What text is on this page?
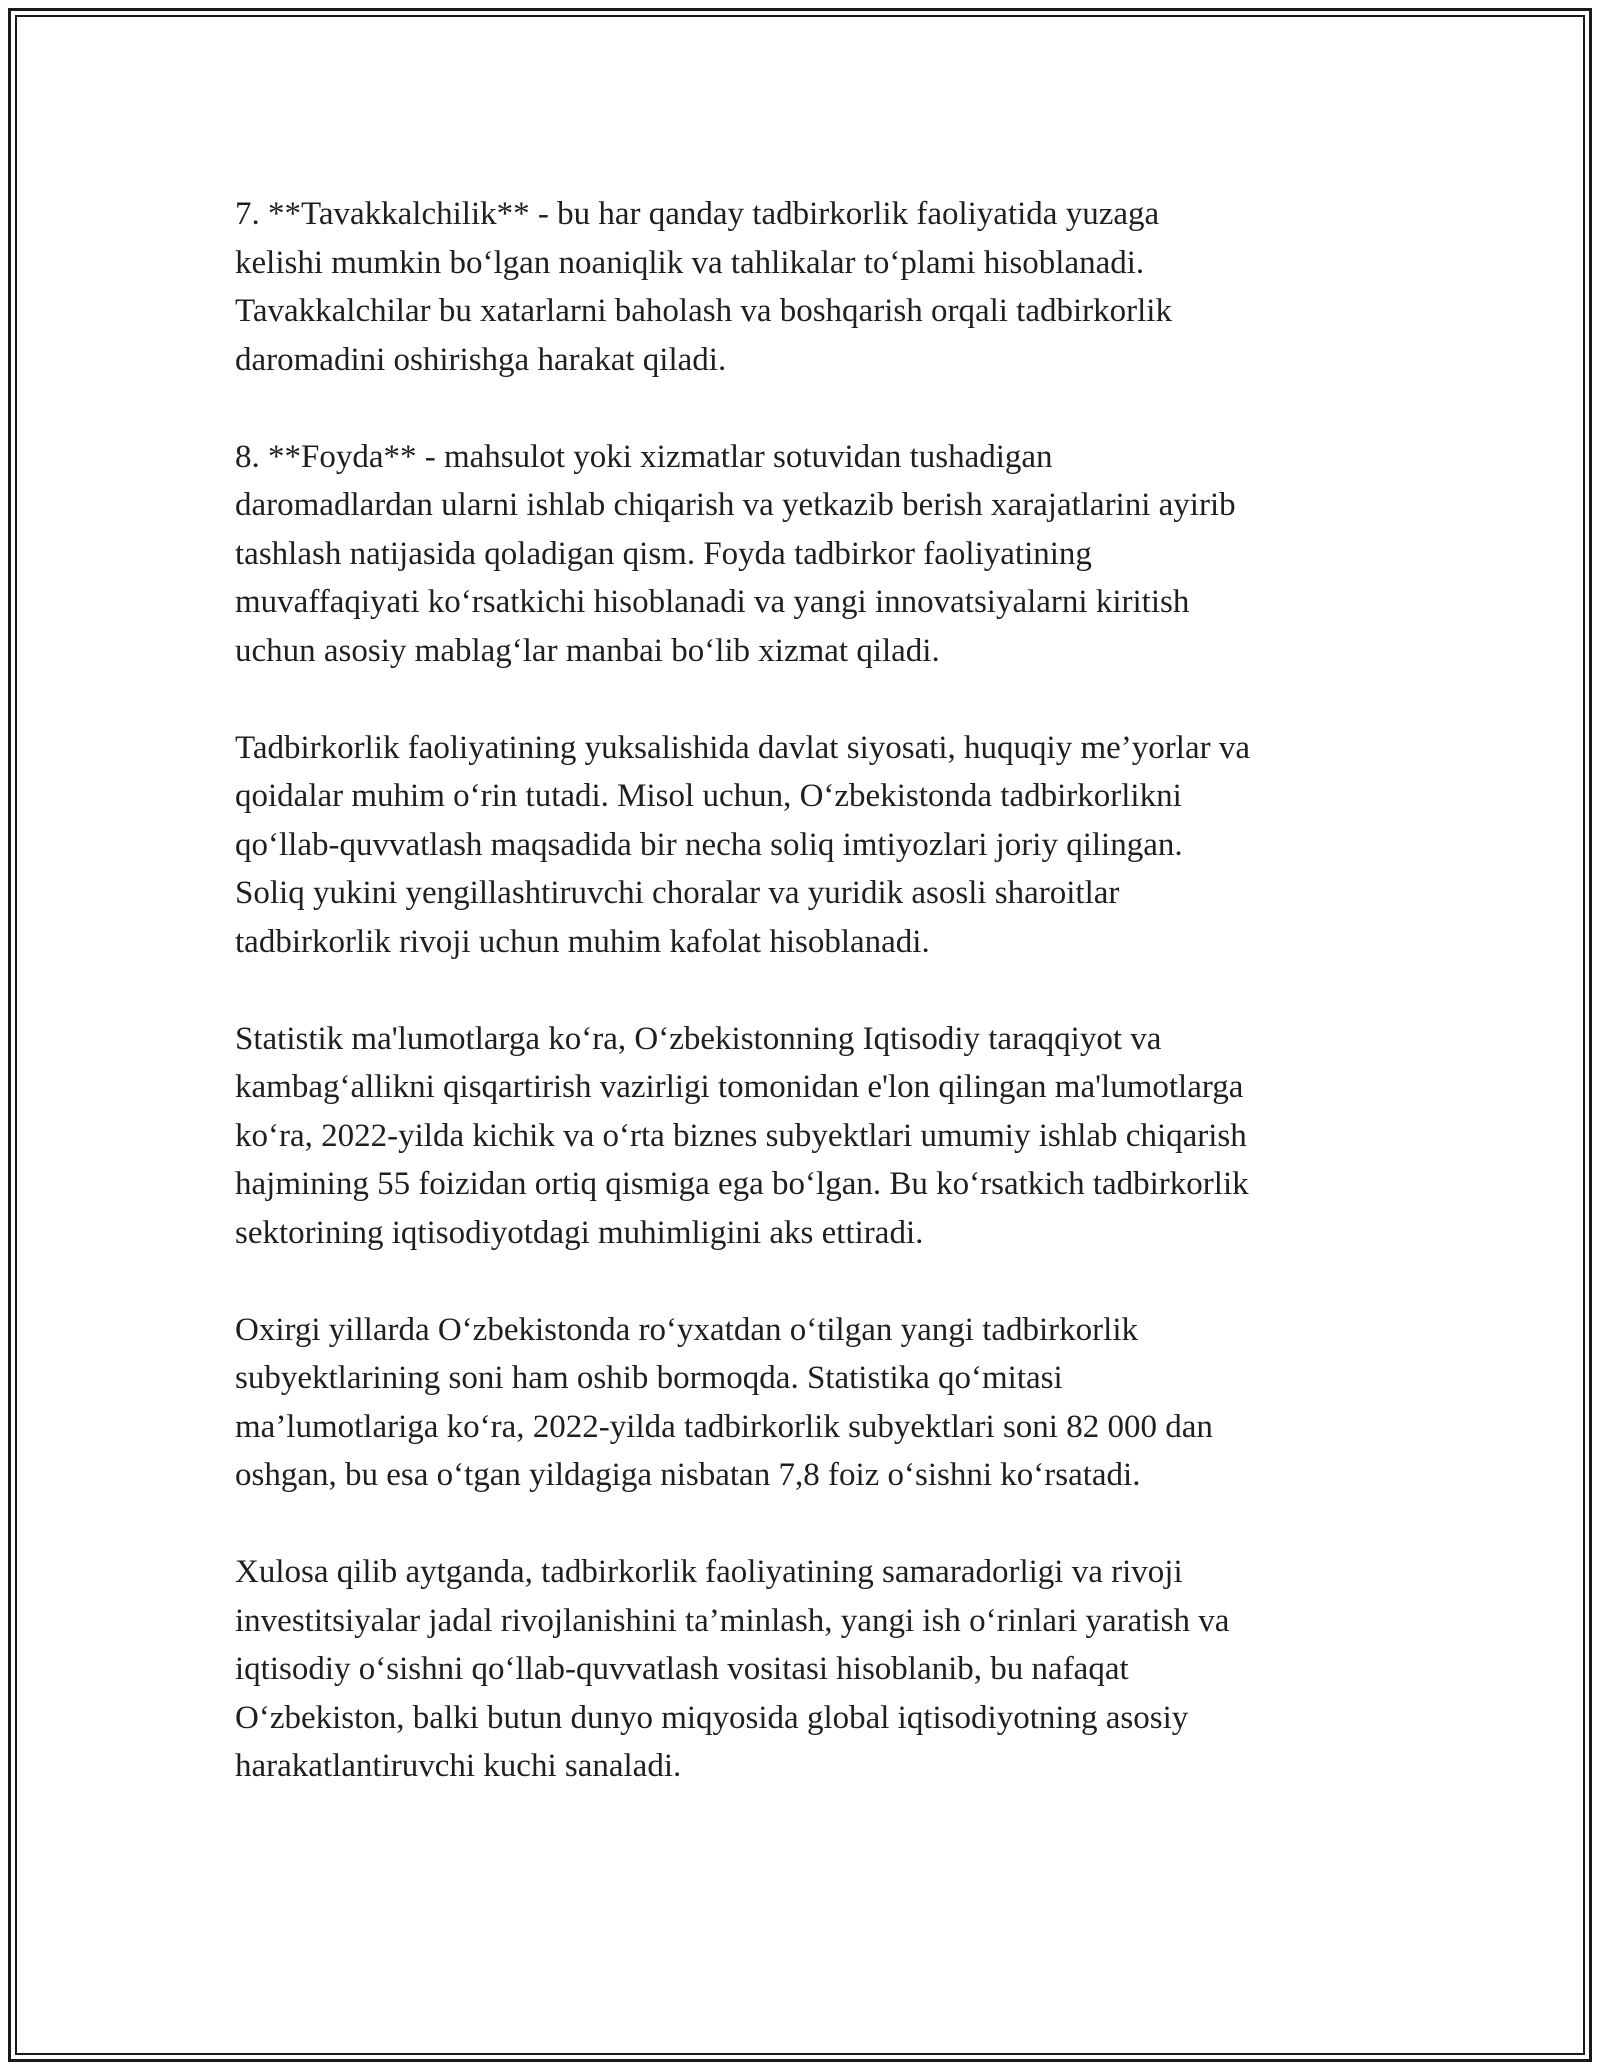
7. **Tavakkalchilik** - bu har qanday tadbirkorlik faoliyatida yuzaga
kelishi mumkin bo‘lgan noaniqlik va tahlikalar to‘plami hisoblanadi.
Tavakkalchilar bu xatarlarni baholash va boshqarish orqali tadbirkorlik
daromadini oshirishga harakat qiladi.

8. **Foyda** - mahsulot yoki xizmatlar sotuvidan tushadigan
daromadlardan ularni ishlab chiqarish va yetkazib berish xarajatlarini ayirib
tashlash natijasida qoladigan qism. Foyda tadbirkor faoliyatining
muvaffaqiyati ko‘rsatkichi hisoblanadi va yangi innovatsiyalarni kiritish
uchun asosiy mablag‘lar manbai bo‘lib xizmat qiladi.

Tadbirkorlik faoliyatining yuksalishida davlat siyosati, huquqiy me’yorlar va
qoidalar muhim o‘rin tutadi. Misol uchun, O‘zbekistonda tadbirkorlikni
qo‘llab-quvvatlash maqsadida bir necha soliq imtiyozlari joriy qilingan.
Soliq yukini yengillashtiruvchi choralar va yuridik asosli sharoitlar
tadbirkorlik rivoji uchun muhim kafolat hisoblanadi.

Statistik ma'lumotlarga ko‘ra, O‘zbekistonning Iqtisodiy taraqqiyot va
kambag‘allikni qisqartirish vazirligi tomonidan e'lon qilingan ma'lumotlarga
ko‘ra, 2022-yilda kichik va o‘rta biznes subyektlari umumiy ishlab chiqarish
hajmining 55 foizidan ortiq qismiga ega bo‘lgan. Bu ko‘rsatkich tadbirkorlik
sektorining iqtisodiyotdagi muhimligini aks ettiradi.

Oxirgi yillarda O‘zbekistonda ro‘yxatdan o‘tilgan yangi tadbirkorlik
subyektlarining soni ham oshib bormoqda. Statistika qo‘mitasi
ma’lumotlariga ko‘ra, 2022-yilda tadbirkorlik subyektlari soni 82 000 dan
oshgan, bu esa o‘tgan yildagiga nisbatan 7,8 foiz o‘sishni ko‘rsatadi.

Xulosa qilib aytganda, tadbirkorlik faoliyatining samaradorligi va rivoji
investitsiyalar jadal rivojlanishini ta’minlash, yangi ish o‘rinlari yaratish va
iqtisodiy o‘sishni qo‘llab-quvvatlash vositasi hisoblanib, bu nafaqat
O‘zbekiston, balki butun dunyo miqyosida global iqtisodiyotning asosiy
harakatlantiruvchi kuchi sanaladi.
